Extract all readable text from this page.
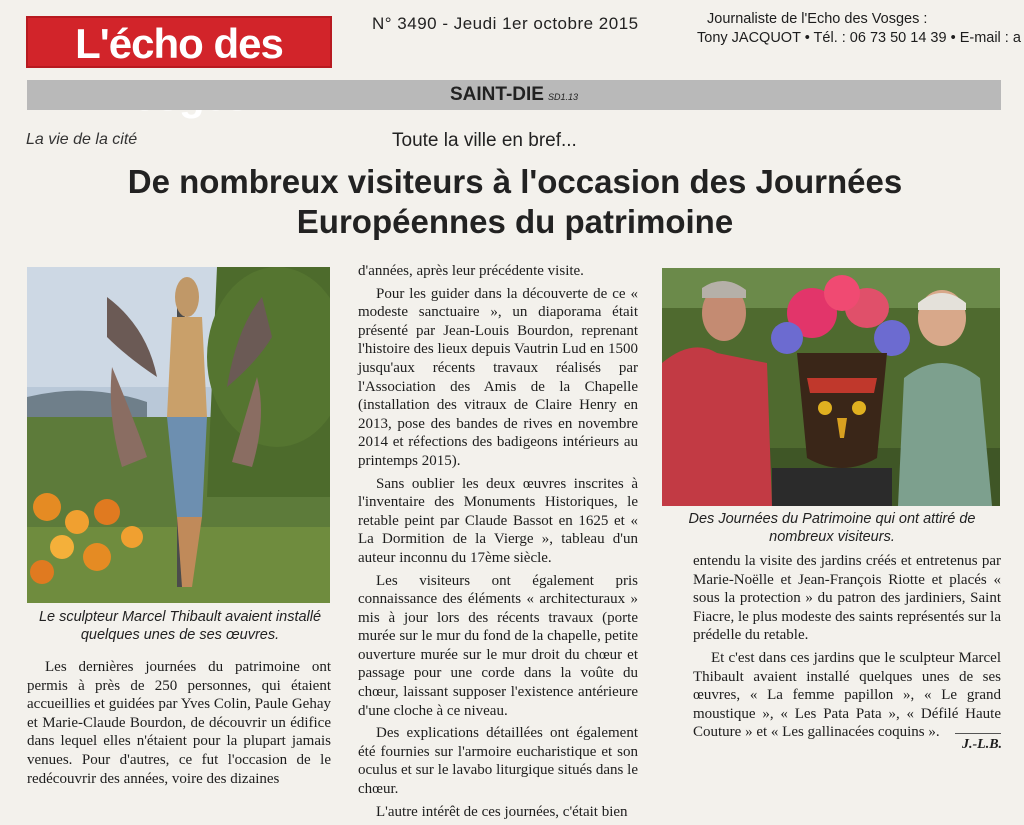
L'écho des	N° 3490 - Jeudi 1er octobre 2015	Journaliste de l'Echo des Vosges :
Tony JACQUOT • Tél. : 06 73 50 14 39 • E-mail : a
SAINT-DIE SD1.13
La vie de la cité	Toute la ville en bref...
De nombreux visiteurs à l'occasion des Journées Européennes du patrimoine
Le sculpteur Marcel Thibault avaient installé quelques unes de ses œuvres.
Des Journées du Patrimoine qui ont attiré de nombreux visiteurs.

Les dernières journées du patrimoine ont permis à près de 250 personnes, qui étaient accueillies et guidées par Yves Colin, Paule Gehay et Marie-Claude Bourdon, de découvrir un édifice dans lequel elles n'étaient pour la plupart jamais venues. Pour d'autres, ce fut l'occasion de le redécouvrir des années, voire des dizaines

d'années, après leur précédente visite.

Pour les guider dans la découverte de ce « modeste sanctuaire », un diaporama était présenté par Jean-Louis Bourdon, reprenant l'histoire des lieux depuis Vautrin Lud en 1500 jusqu'aux récents travaux réalisés par l'Association des Amis de la Chapelle (installation des vitraux de Claire Henry en 2013, pose des bandes de rives en novembre 2014 et réfections des badigeons intérieurs au printemps 2015).

Sans oublier les deux œuvres inscrites à l'inventaire des Monuments Historiques, le retable peint par Claude Bassot en 1625 et « La Dormition de la Vierge », tableau d'un auteur inconnu du 17ème siècle.

Les visiteurs ont également pris connaissance des éléments « architecturaux » mis à jour lors des récents travaux (porte murée sur le mur du fond de la chapelle, petite ouverture murée sur le mur droit du chœur et passage pour une corde dans la voûte du chœur, laissant supposer l'existence antérieure d'une cloche à ce niveau.

Des explications détaillées ont également été fournies sur l'armoire eucharistique et son oculus et sur le lavabo liturgique situés dans le chœur.

L'autre intérêt de ces journées, c'était bien

entendu la visite des jardins créés et entretenus par Marie-Noëlle et Jean-François Riotte et placés « sous la protection » du patron des jardiniers, Saint Fiacre, le plus modeste des saints représentés sur la prédelle du retable.

Et c'est dans ces jardins que le sculpteur Marcel Thibault avaient installé quelques unes de ses œuvres, « La femme papillon », « Le grand moustique », « Les Pata Pata », « Défilé Haute Couture » et « Les gallinacées coquins ».

J.-L.B.
